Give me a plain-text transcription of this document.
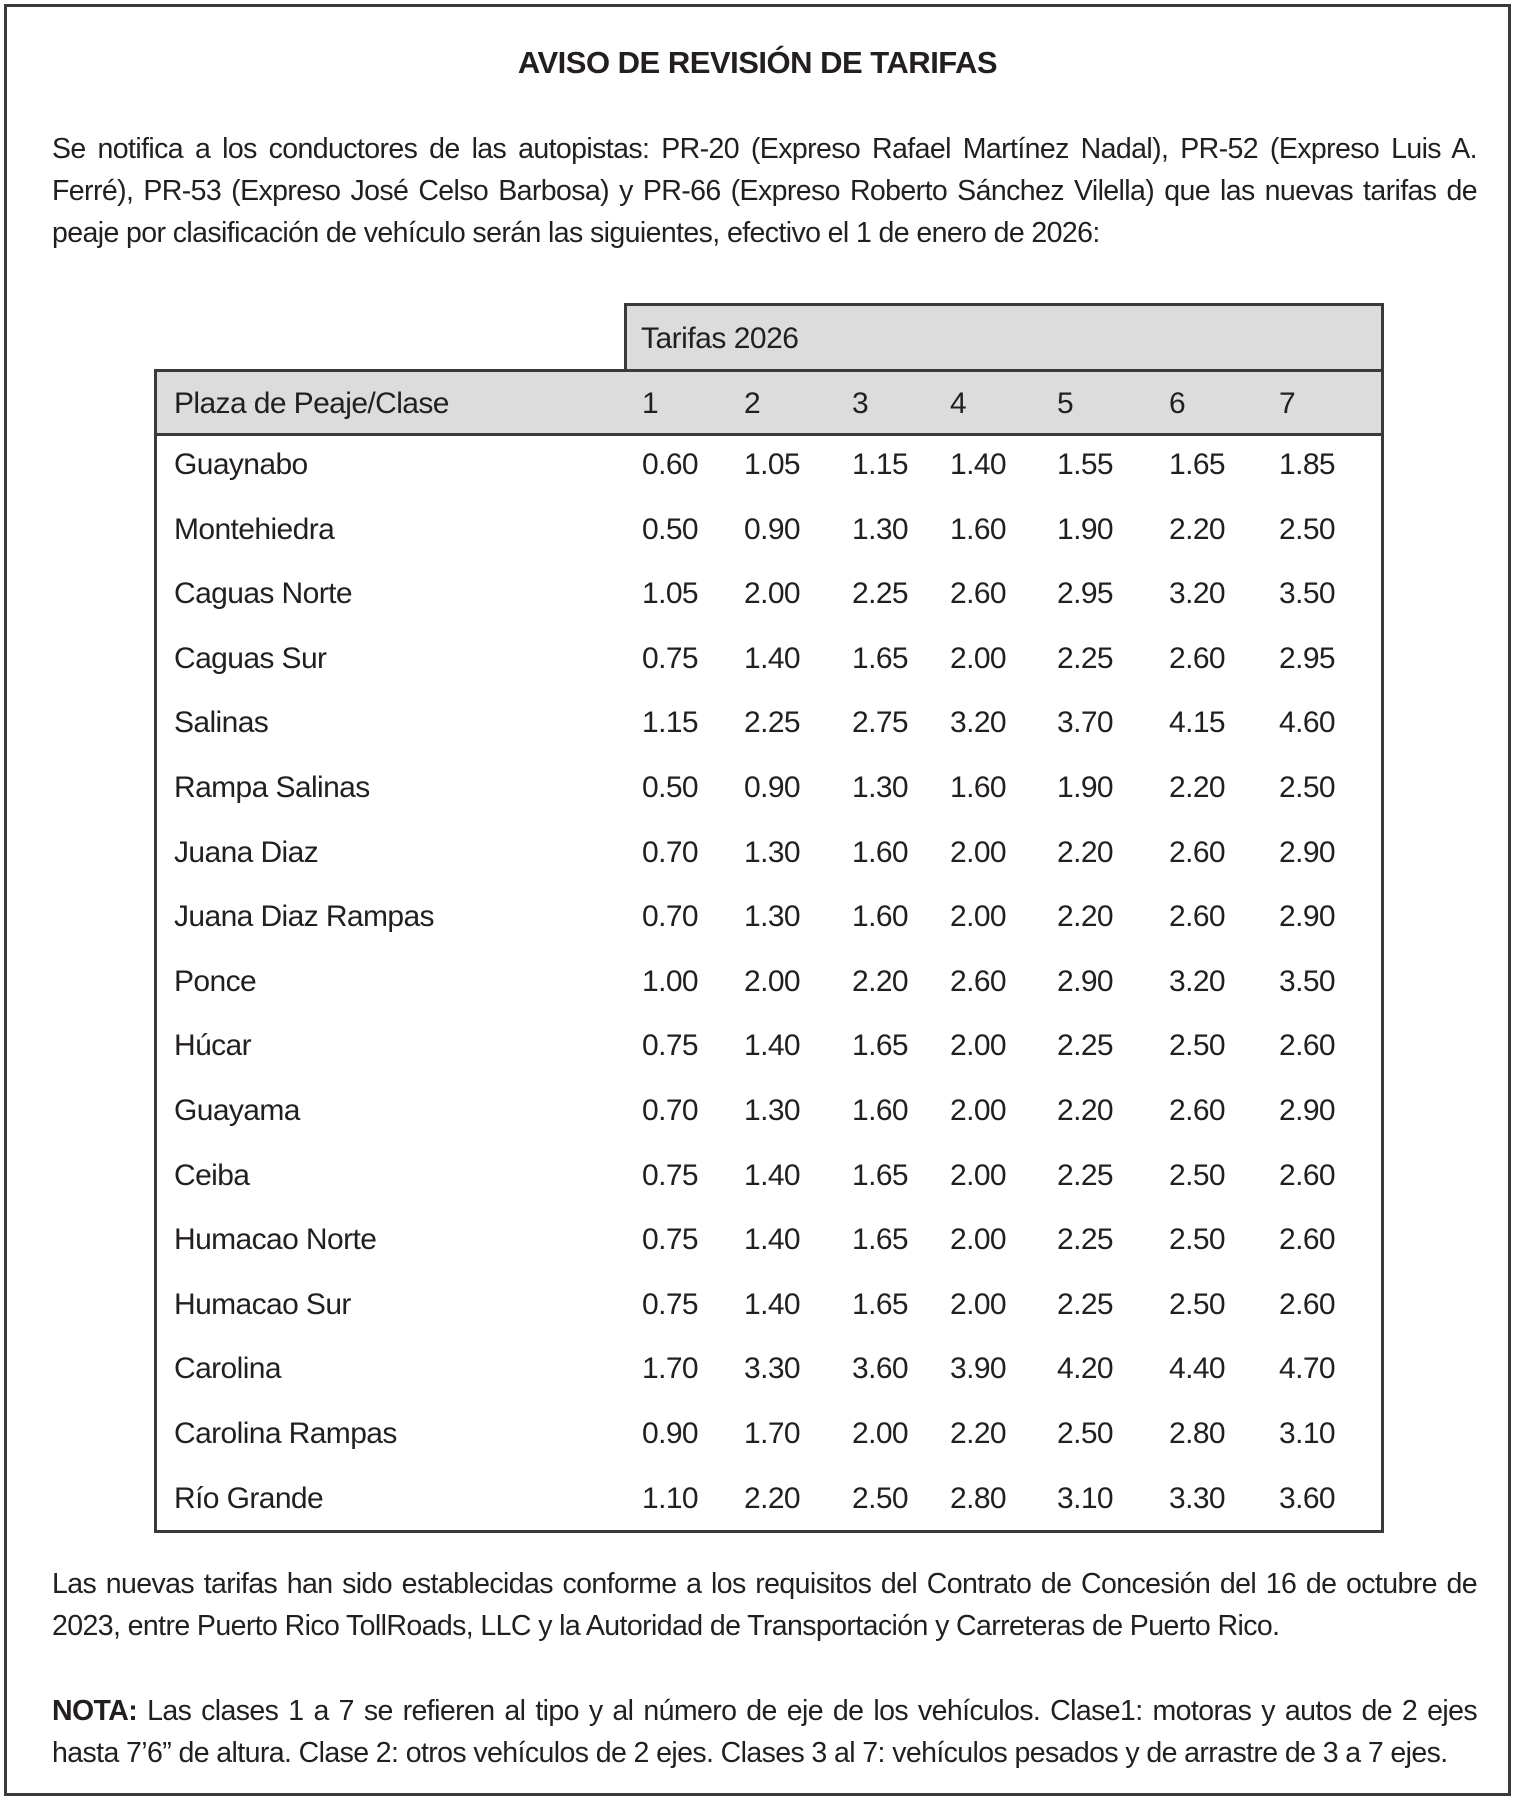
AVISO DE REVISIÓN DE TARIFAS

Se notifica a los conductores de las autopistas: PR-20 (Expreso Rafael Martínez Nadal), PR-52 (Expreso Luis A. Ferré), PR-53 (Expreso José Celso Barbosa) y PR-66 (Expreso Roberto Sánchez Vilella) que las nuevas tarifas de peaje por clasificación de vehículo serán las siguientes, efectivo el 1 de enero de 2026:

Tarifas 2026
Plaza de Peaje/Clase	1	2	3	4	5	6	7
Guaynabo	0.60 1.05 1.15 1.40 1.55 1.65 1.85
Montehiedra	0.50 0.90 1.30 1.60 1.90 2.20 2.50
Caguas Norte	1.05 2.00 2.25 2.60 2.95 3.20 3.50
Caguas Sur	0.75 1.40 1.65 2.00 2.25 2.60 2.95
Salinas	1.15 2.25 2.75 3.20 3.70 4.15 4.60
Rampa Salinas	0.50 0.90 1.30 1.60 1.90 2.20 2.50
Juana Diaz	0.70 1.30 1.60 2.00 2.20 2.60 2.90
Juana Diaz Rampas	0.70 1.30 1.60 2.00 2.20 2.60 2.90
Ponce	1.00 2.00 2.20 2.60 2.90 3.20 3.50
Húcar	0.75 1.40 1.65 2.00 2.25 2.50 2.60
Guayama	0.70 1.30 1.60 2.00 2.20 2.60 2.90
Ceiba	0.75 1.40 1.65 2.00 2.25 2.50 2.60
Humacao Norte	0.75 1.40 1.65 2.00 2.25 2.50 2.60
Humacao Sur	0.75 1.40 1.65 2.00 2.25 2.50 2.60
Carolina	1.70 3.30 3.60 3.90 4.20 4.40 4.70
Carolina Rampas	0.90 1.70 2.00 2.20 2.50 2.80 3.10
Río Grande	1.10 2.20 2.50 2.80 3.10 3.30 3.60

Las nuevas tarifas han sido establecidas conforme a los requisitos del Contrato de Concesión del 16 de octubre de 2023, entre Puerto Rico TollRoads, LLC y la Autoridad de Transportación y Carreteras de Puerto Rico.

NOTA: Las clases 1 a 7 se refieren al tipo y al número de eje de los vehículos. Clase1: motoras y autos de 2 ejes hasta 7’6” de altura. Clase 2: otros vehículos de 2 ejes. Clases 3 al 7: vehículos pesados y de arrastre de 3 a 7 ejes.
